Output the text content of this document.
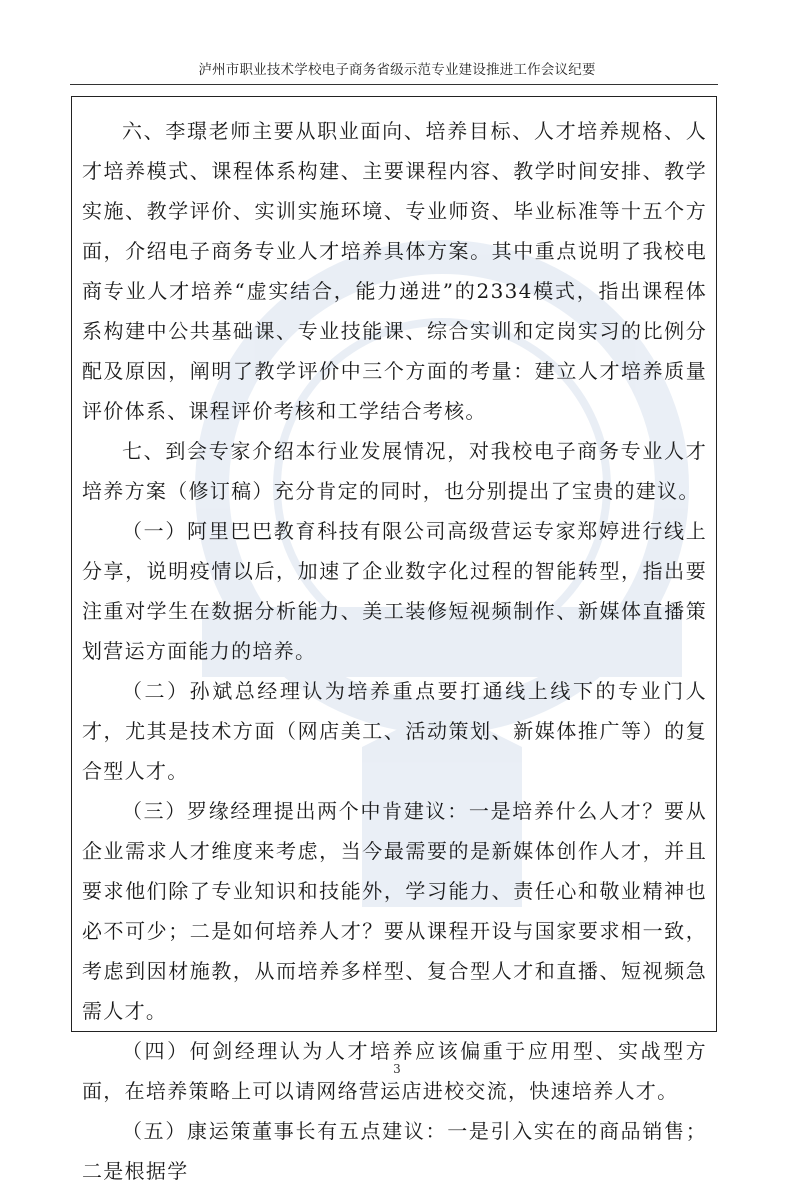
泸州市职业技术学校电子商务省级示范专业建设推进工作会议纪要

六、李璟老师主要从职业面向、培养目标、人才培养规格、人才培养模式、课程体系构建、主要课程内容、教学时间安排、教学实施、教学评价、实训实施环境、专业师资、毕业标准等十五个方面，介绍电子商务专业人才培养具体方案。其中重点说明了我校电商专业人才培养“虚实结合，能力递进”的2334模式，指出课程体系构建中公共基础课、专业技能课、综合实训和定岗实习的比例分配及原因，阐明了教学评价中三个方面的考量：建立人才培养质量评价体系、课程评价考核和工学结合考核。

七、到会专家介绍本行业发展情况，对我校电子商务专业人才培养方案（修订稿）充分肯定的同时，也分别提出了宝贵的建议。

（一）阿里巴巴教育科技有限公司高级营运专家郑婷进行线上分享，说明疫情以后，加速了企业数字化过程的智能转型，指出要注重对学生在数据分析能力、美工装修短视频制作、新媒体直播策划营运方面能力的培养。

（二）孙斌总经理认为培养重点要打通线上线下的专业门人才，尤其是技术方面（网店美工、活动策划、新媒体推广等）的复合型人才。

（三）罗缘经理提出两个中肯建议：一是培养什么人才？要从企业需求人才维度来考虑，当今最需要的是新媒体创作人才，并且要求他们除了专业知识和技能外，学习能力、责任心和敬业精神也必不可少；二是如何培养人才？要从课程开设与国家要求相一致，考虑到因材施教，从而培养多样型、复合型人才和直播、短视频急需人才。

（四）何剑经理认为人才培养应该偏重于应用型、实战型方面，在培养策略上可以请网络营运店进校交流，快速培养人才。

（五）康运策董事长有五点建议：一是引入实在的商品销售；二是根据学

3
